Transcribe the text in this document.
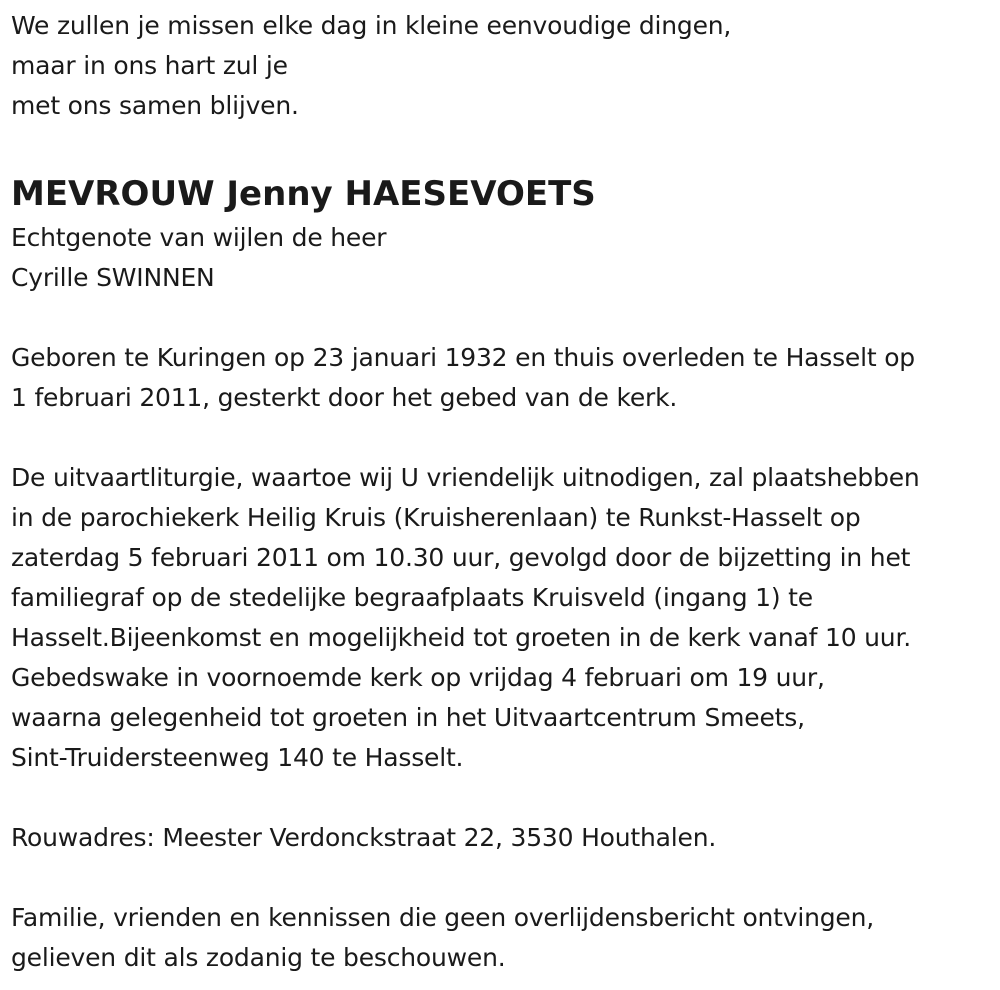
We zullen je missen elke dag in kleine eenvoudige dingen,
maar in ons hart zul je
met ons samen blijven.
MEVROUW Jenny HAESEVOETS
Echtgenote van wijlen de heer
Cyrille SWINNEN
Geboren te Kuringen op 23 januari 1932 en thuis overleden te Hasselt op
1 februari 2011, gesterkt door het gebed van de kerk.
De uitvaartliturgie, waartoe wij U vriendelijk uitnodigen, zal plaatshebben
in de parochiekerk Heilig Kruis (Kruisherenlaan) te Runkst-Hasselt op
zaterdag 5 februari 2011 om 10.30 uur, gevolgd door de bijzetting in het
familiegraf op de stedelijke begraafplaats Kruisveld (ingang 1) te
Hasselt.Bijeenkomst en mogelijkheid tot groeten in de kerk vanaf 10 uur.
Gebedswake in voornoemde kerk op vrijdag 4 februari om 19 uur,
waarna gelegenheid tot groeten in het Uitvaartcentrum Smeets,
Sint-Truidersteenweg 140 te Hasselt.
Rouwadres: Meester Verdonckstraat 22, 3530 Houthalen.
Familie, vrienden en kennissen die geen overlijdensbericht ontvingen,
gelieven dit als zodanig te beschouwen.
